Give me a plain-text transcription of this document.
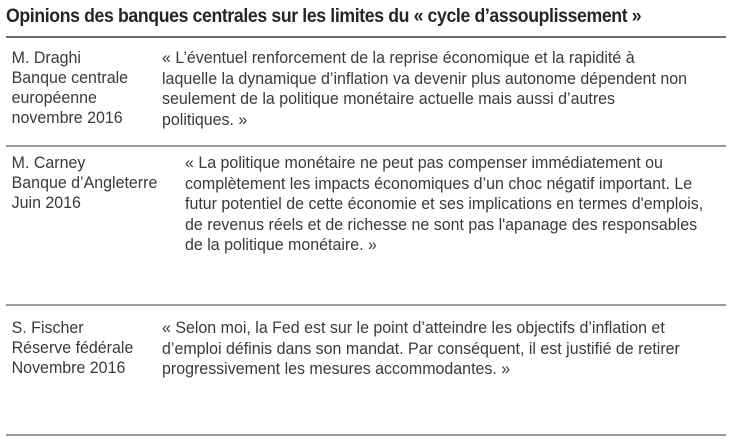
Opinions des banques centrales sur les limites du « cycle d’assouplissement »
M. Draghi
Banque centrale
européenne
novembre 2016
« L’éventuel renforcement de la reprise économique et la rapidité à laquelle la dynamique d’inflation va devenir plus autonome dépendent non seulement de la politique monétaire actuelle mais aussi d’autres politiques. »
M. Carney
Banque d’Angleterre
Juin 2016
« La politique monétaire ne peut pas compenser immédiatement ou complètement les impacts économiques d’un choc négatif important. Le futur potentiel de cette économie et ses implications en termes d'emplois, de revenus réels et de richesse ne sont pas l'apanage des responsables de la politique monétaire. »
S. Fischer
Réserve fédérale
Novembre 2016
« Selon moi, la Fed est sur le point d’atteindre les objectifs d’inflation et d’emploi définis dans son mandat. Par conséquent, il est justifié de retirer progressivement les mesures accommodantes. »
